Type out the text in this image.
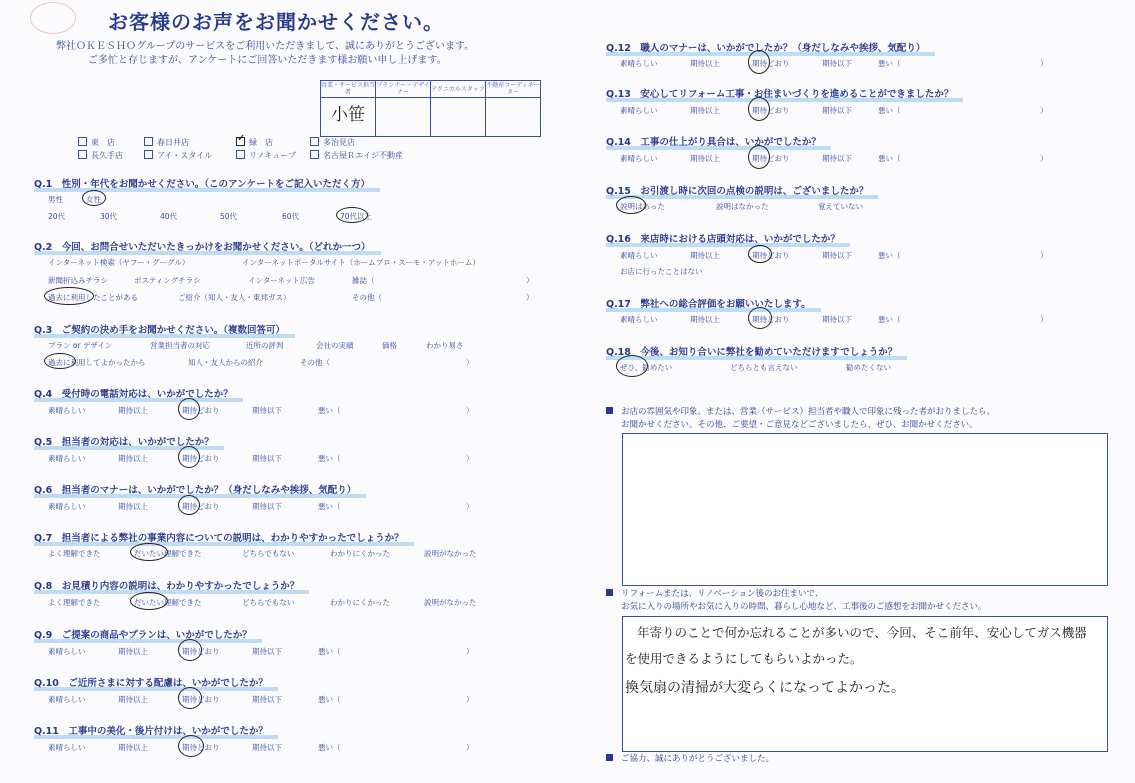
お客様のお声をお聞かせください。
弊社ＯＫＥＳＨＯグループのサービスをご利用いただきまして、誠にありがとうございます。
ご多忙と存じますが、アンケートにご回答いただきます様お願い申し上げます。
営業・サービス担当者	プランナー・デザイナー	テクニカルスタッフ	不動産コーディネーター
小笹			
東　店	春日井店	✓ 緑　店	多治見店
長久手店	アイ・スタイル	リノキューブ	名古屋Ｒエイジ不動産
Q.1　性別・年代をお聞かせください。（このアンケートをご記入いただく方）
男性	女性
20代	30代	40代	50代	60代	70代以上
Q.2　今回、お問合せいただいたきっかけをお聞かせください。（どれか一つ）
インターネット検索（ヤフー・グーグル）	インターネットポータルサイト（ホームプロ・スーモ・アットホーム）
新聞折込みチラシ	ポスティングチラシ	インターネット広告	雑誌（	）
過去に利用したことがある	ご紹介（知人・友人・東邦ガス）	その他（	）
Q.3　ご契約の決め手をお聞かせください。（複数回答可）
プラン or デザイン	営業担当者の対応	近所の評判	会社の実績	価格	わかり易さ
過去に利用してよかったから	知人・友人からの紹介	その他（	）
Q.4　受付時の電話対応は、いかがでしたか？
素晴らしい	期待以上	期待どおり	期待以下	悪い（	）
Q.5　担当者の対応は、いかがでしたか？
素晴らしい	期待以上	期待どおり	期待以下	悪い（	）
Q.6　担当者のマナーは、いかがでしたか？（身だしなみや挨拶、気配り）
素晴らしい	期待以上	期待どおり	期待以下	悪い（	）
Q.7　担当者による弊社の事業内容についての説明は、わかりやすかったでしょうか？
よく理解できた	だいたい理解できた	どちらでもない	わかりにくかった	説明がなかった
Q.8　お見積り内容の説明は、わかりやすかったでしょうか？
よく理解できた	だいたい理解できた	どちらでもない	わかりにくかった	説明がなかった
Q.9　ご提案の商品やプランは、いかがでしたか？
素晴らしい	期待以上	期待どおり	期待以下	悪い（	）
Q.10　ご近所さまに対する配慮は、いかがでしたか？
素晴らしい	期待以上	期待どおり	期待以下	悪い（	）
Q.11　工事中の美化・後片付けは、いかがでしたか？
素晴らしい	期待以上	期待どおり	期待以下	悪い（	）
Q.12　職人のマナーは、いかがでしたか？（身だしなみや挨拶、気配り）
素晴らしい	期待以上	期待どおり	期待以下	悪い（	）
Q.13　安心してリフォーム工事・お住まいづくりを進めることができましたか？
素晴らしい	期待以上	期待どおり	期待以下	悪い（	）
Q.14　工事の仕上がり具合は、いかがでしたか？
素晴らしい	期待以上	期待どおり	期待以下	悪い（	）
Q.15　お引渡し時に次回の点検の説明は、ございましたか？
説明はあった	説明はなかった	覚えていない
Q.16　来店時における店頭対応は、いかがでしたか？
素晴らしい	期待以上	期待どおり	期待以下	悪い（	）
お店に行ったことはない
Q.17　弊社への総合評価をお願いいたします。
素晴らしい	期待以上	期待どおり	期待以下	悪い（	）
Q.18　今後、お知り合いに弊社を勧めていただけますでしょうか？
ぜひ、勧めたい	どちらとも言えない	勧めたくない
お店の雰囲気や印象。または、営業（サービス）担当者や職人で印象に残った者がおりましたら、
お聞かせください。その他、ご要望・ご意見などございましたら、ぜひ、お聞かせください。
リフォームまたは、リノベーション後のお住まいで、
お気に入りの場所やお気に入りの時間、暮らし心地など、工事後のご感想をお聞かせください。
年寄りのことで何か忘れることが多いので、今回、そこ前年、安心してガス機器
を使用できるようにしてもらいよかった。
換気扇の清掃が大変らくになってよかった。
ご協力、誠にありがとうございました。
